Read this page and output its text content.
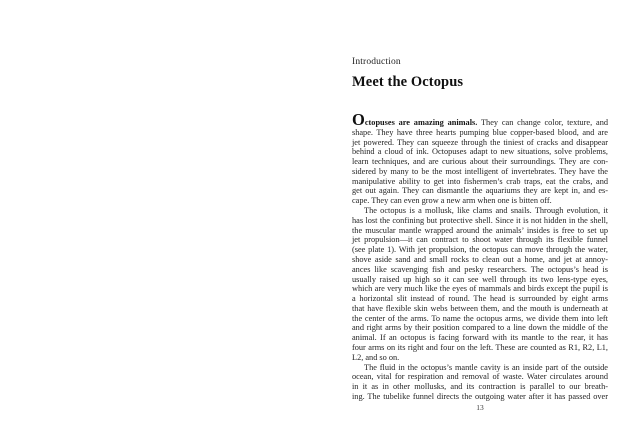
Introduction
Meet the Octopus
Octopuses are amazing animals. They can change color, texture, and
shape. They have three hearts pumping blue copper-based blood, and are
jet powered. They can squeeze through the tiniest of cracks and disappear
behind a cloud of ink. Octopuses adapt to new situations, solve problems,
learn techniques, and are curious about their surroundings. They are con-
sidered by many to be the most intelligent of invertebrates. They have the
manipulative ability to get into fishermen’s crab traps, eat the crabs, and
get out again. They can dismantle the aquariums they are kept in, and es-
cape. They can even grow a new arm when one is bitten off.
The octopus is a mollusk, like clams and snails. Through evolution, it
has lost the confining but protective shell. Since it is not hidden in the shell,
the muscular mantle wrapped around the animals’ insides is free to set up
jet propulsion—it can contract to shoot water through its flexible funnel
(see plate 1). With jet propulsion, the octopus can move through the water,
shove aside sand and small rocks to clean out a home, and jet at annoy-
ances like scavenging fish and pesky researchers. The octopus’s head is
usually raised up high so it can see well through its two lens-type eyes,
which are very much like the eyes of mammals and birds except the pupil is
a horizontal slit instead of round. The head is surrounded by eight arms
that have flexible skin webs between them, and the mouth is underneath at
the center of the arms. To name the octopus arms, we divide them into left
and right arms by their position compared to a line down the middle of the
animal. If an octopus is facing forward with its mantle to the rear, it has
four arms on its right and four on the left. These are counted as R1, R2, L1,
L2, and so on.
The fluid in the octopus’s mantle cavity is an inside part of the outside
ocean, vital for respiration and removal of waste. Water circulates around
in it as in other mollusks, and its contraction is parallel to our breath-
ing. The tubelike funnel directs the outgoing water after it has passed over
13
